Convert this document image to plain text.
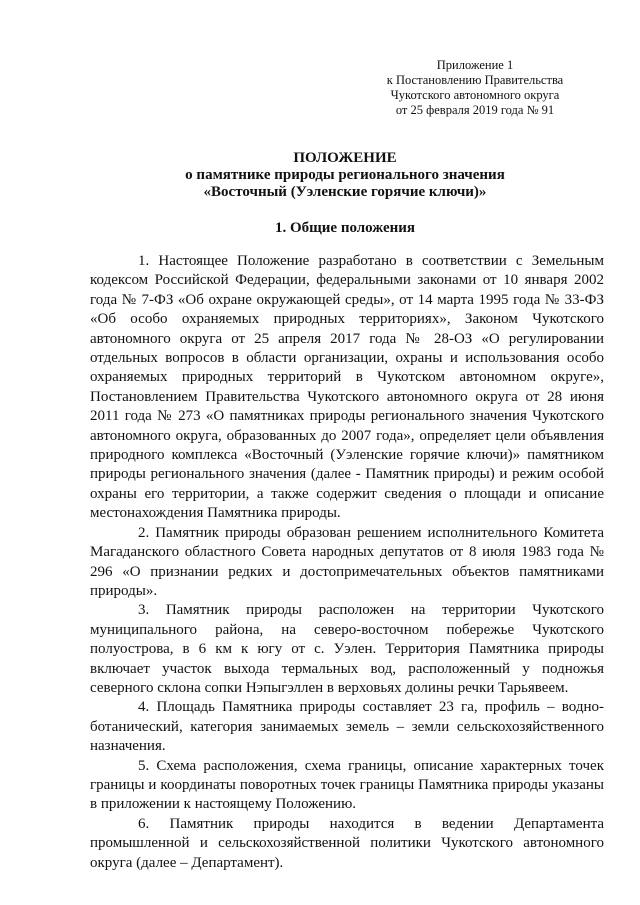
Приложение 1
к Постановлению Правительства
Чукотского автономного округа
от 25 февраля 2019 года № 91
ПОЛОЖЕНИЕ
о памятнике природы регионального значения
«Восточный (Уэленские горячие ключи)»
1. Общие положения

1. Настоящее Положение разработано в соответствии с Земельным кодексом Российской Федерации, федеральными законами от 10 января 2002 года № 7-ФЗ «Об охране окружающей среды», от 14 марта 1995 года № 33-ФЗ «Об особо охраняемых природных территориях», Законом Чукотского автономного округа от 25 апреля 2017 года № 28-ОЗ «О регулировании отдельных вопросов в области организации, охраны и использования особо охраняемых природных территорий в Чукотском автономном округе», Постановлением Правительства Чукотского автономного округа от 28 июня 2011 года № 273 «О памятниках природы регионального значения Чукотского автономного округа, образованных до 2007 года», определяет цели объявления природного комплекса «Восточный (Уэленские горячие ключи)» памятником природы регионального значения (далее - Памятник природы) и режим особой охраны его территории, а также содержит сведения о площади и описание местонахождения Памятника природы.

2. Памятник природы образован решением исполнительного Комитета Магаданского областного Совета народных депутатов от 8 июля 1983 года № 296 «О признании редких и достопримечательных объектов памятниками природы».

3. Памятник природы расположен на территории Чукотского муниципального района, на северо-восточном побережье Чукотского полуострова, в 6 км к югу от с. Уэлен. Территория Памятника природы включает участок выхода термальных вод, расположенный у подножья северного склона сопки Нэпыгэллен в верховьях долины речки Тарьявеем.

4. Площадь Памятника природы составляет 23 га, профиль – водно-ботанический, категория занимаемых земель – земли сельскохозяйственного назначения.

5. Схема расположения, схема границы, описание характерных точек границы и координаты поворотных точек границы Памятника природы указаны в приложении к настоящему Положению.

6. Памятник природы находится в ведении Департамента промышленной и сельскохозяйственной политики Чукотского автономного округа (далее – Департамент).
